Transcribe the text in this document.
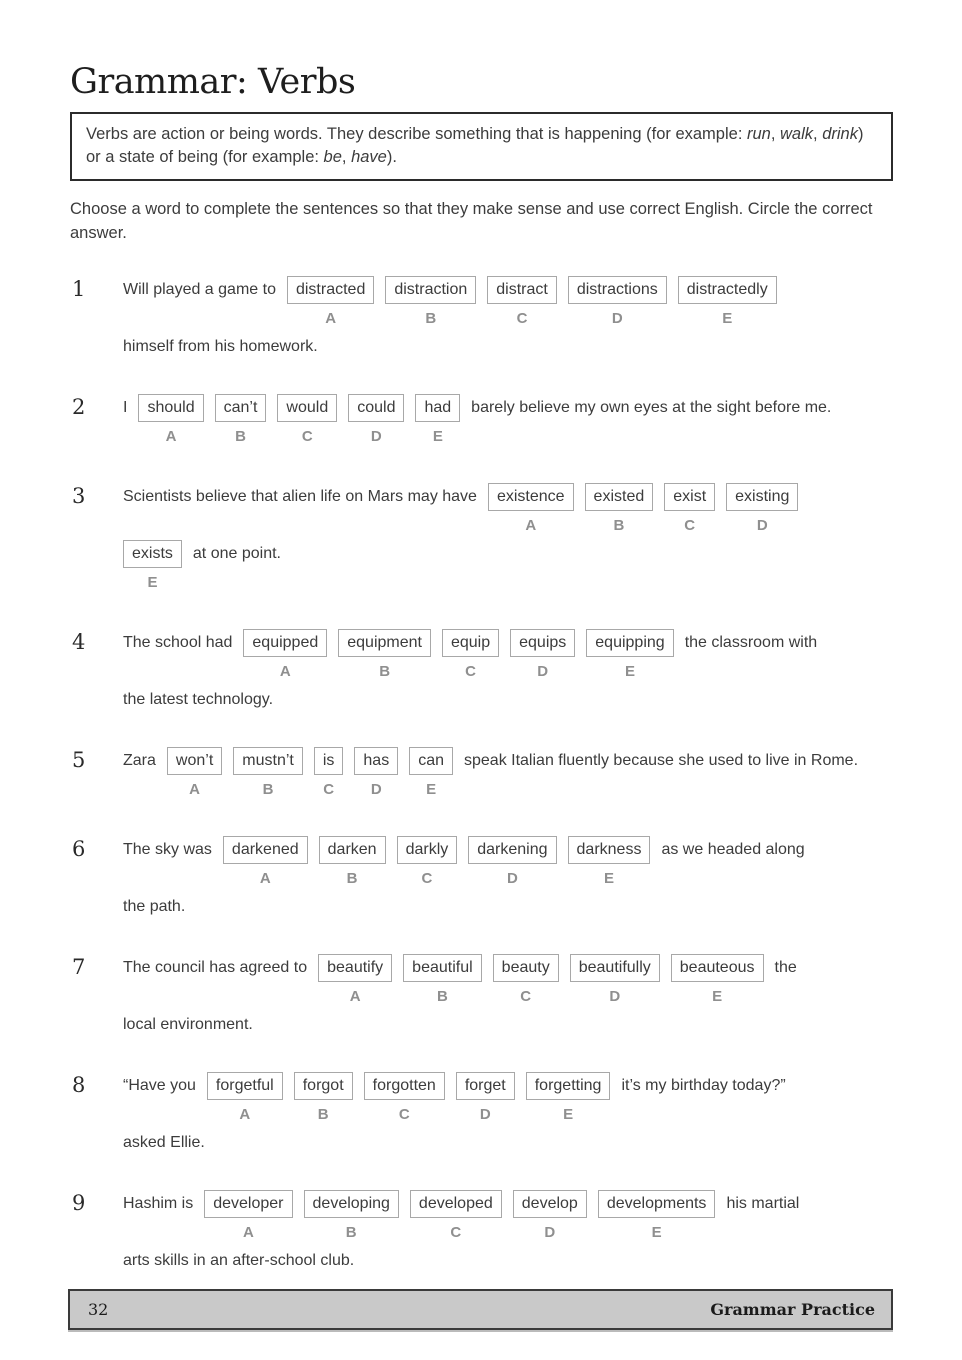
Grammar: Verbs
Verbs are action or being words. They describe something that is happening (for example: run, walk, drink) or a state of being (for example: be, have).

Choose a word to complete the sentences so that they make sense and use correct English. Circle the correct answer.

1	Will played a game to	distracted
A
distraction
B
distract
C
distractions
D
distractedly
E
himself from his homework.
2	I	should
A
can’t
B
would
C
could
D
had
E
barely believe my own eyes at the sight before me.
3	Scientists believe that alien life on Mars may have	existence
A
existed
B
exist
C
existing
D
exists
E
at one point.
4	The school had	equipped
A
equipment
B
equip
C
equips
D
equipping
E
the classroom with
the latest technology.
5	Zara	won’t
A
mustn’t
B
is
C
has
D
can
E
speak Italian fluently because she used to live in Rome.
6	The sky was	darkened
A
darken
B
darkly
C
darkening
D
darkness
E
as we headed along
the path.
7	The council has agreed to	beautify
A
beautiful
B
beauty
C
beautifully
D
beauteous
E
the
local environment.
8	“Have you	forgetful
A
forgot
B
forgotten
C
forget
D
forgetting
E
it’s my birthday today?”
asked Ellie.
9	Hashim is	developer
A
developing
B
developed
C
develop
D
developments
E
his martial
arts skills in an after-school club.
32	Grammar Practice
